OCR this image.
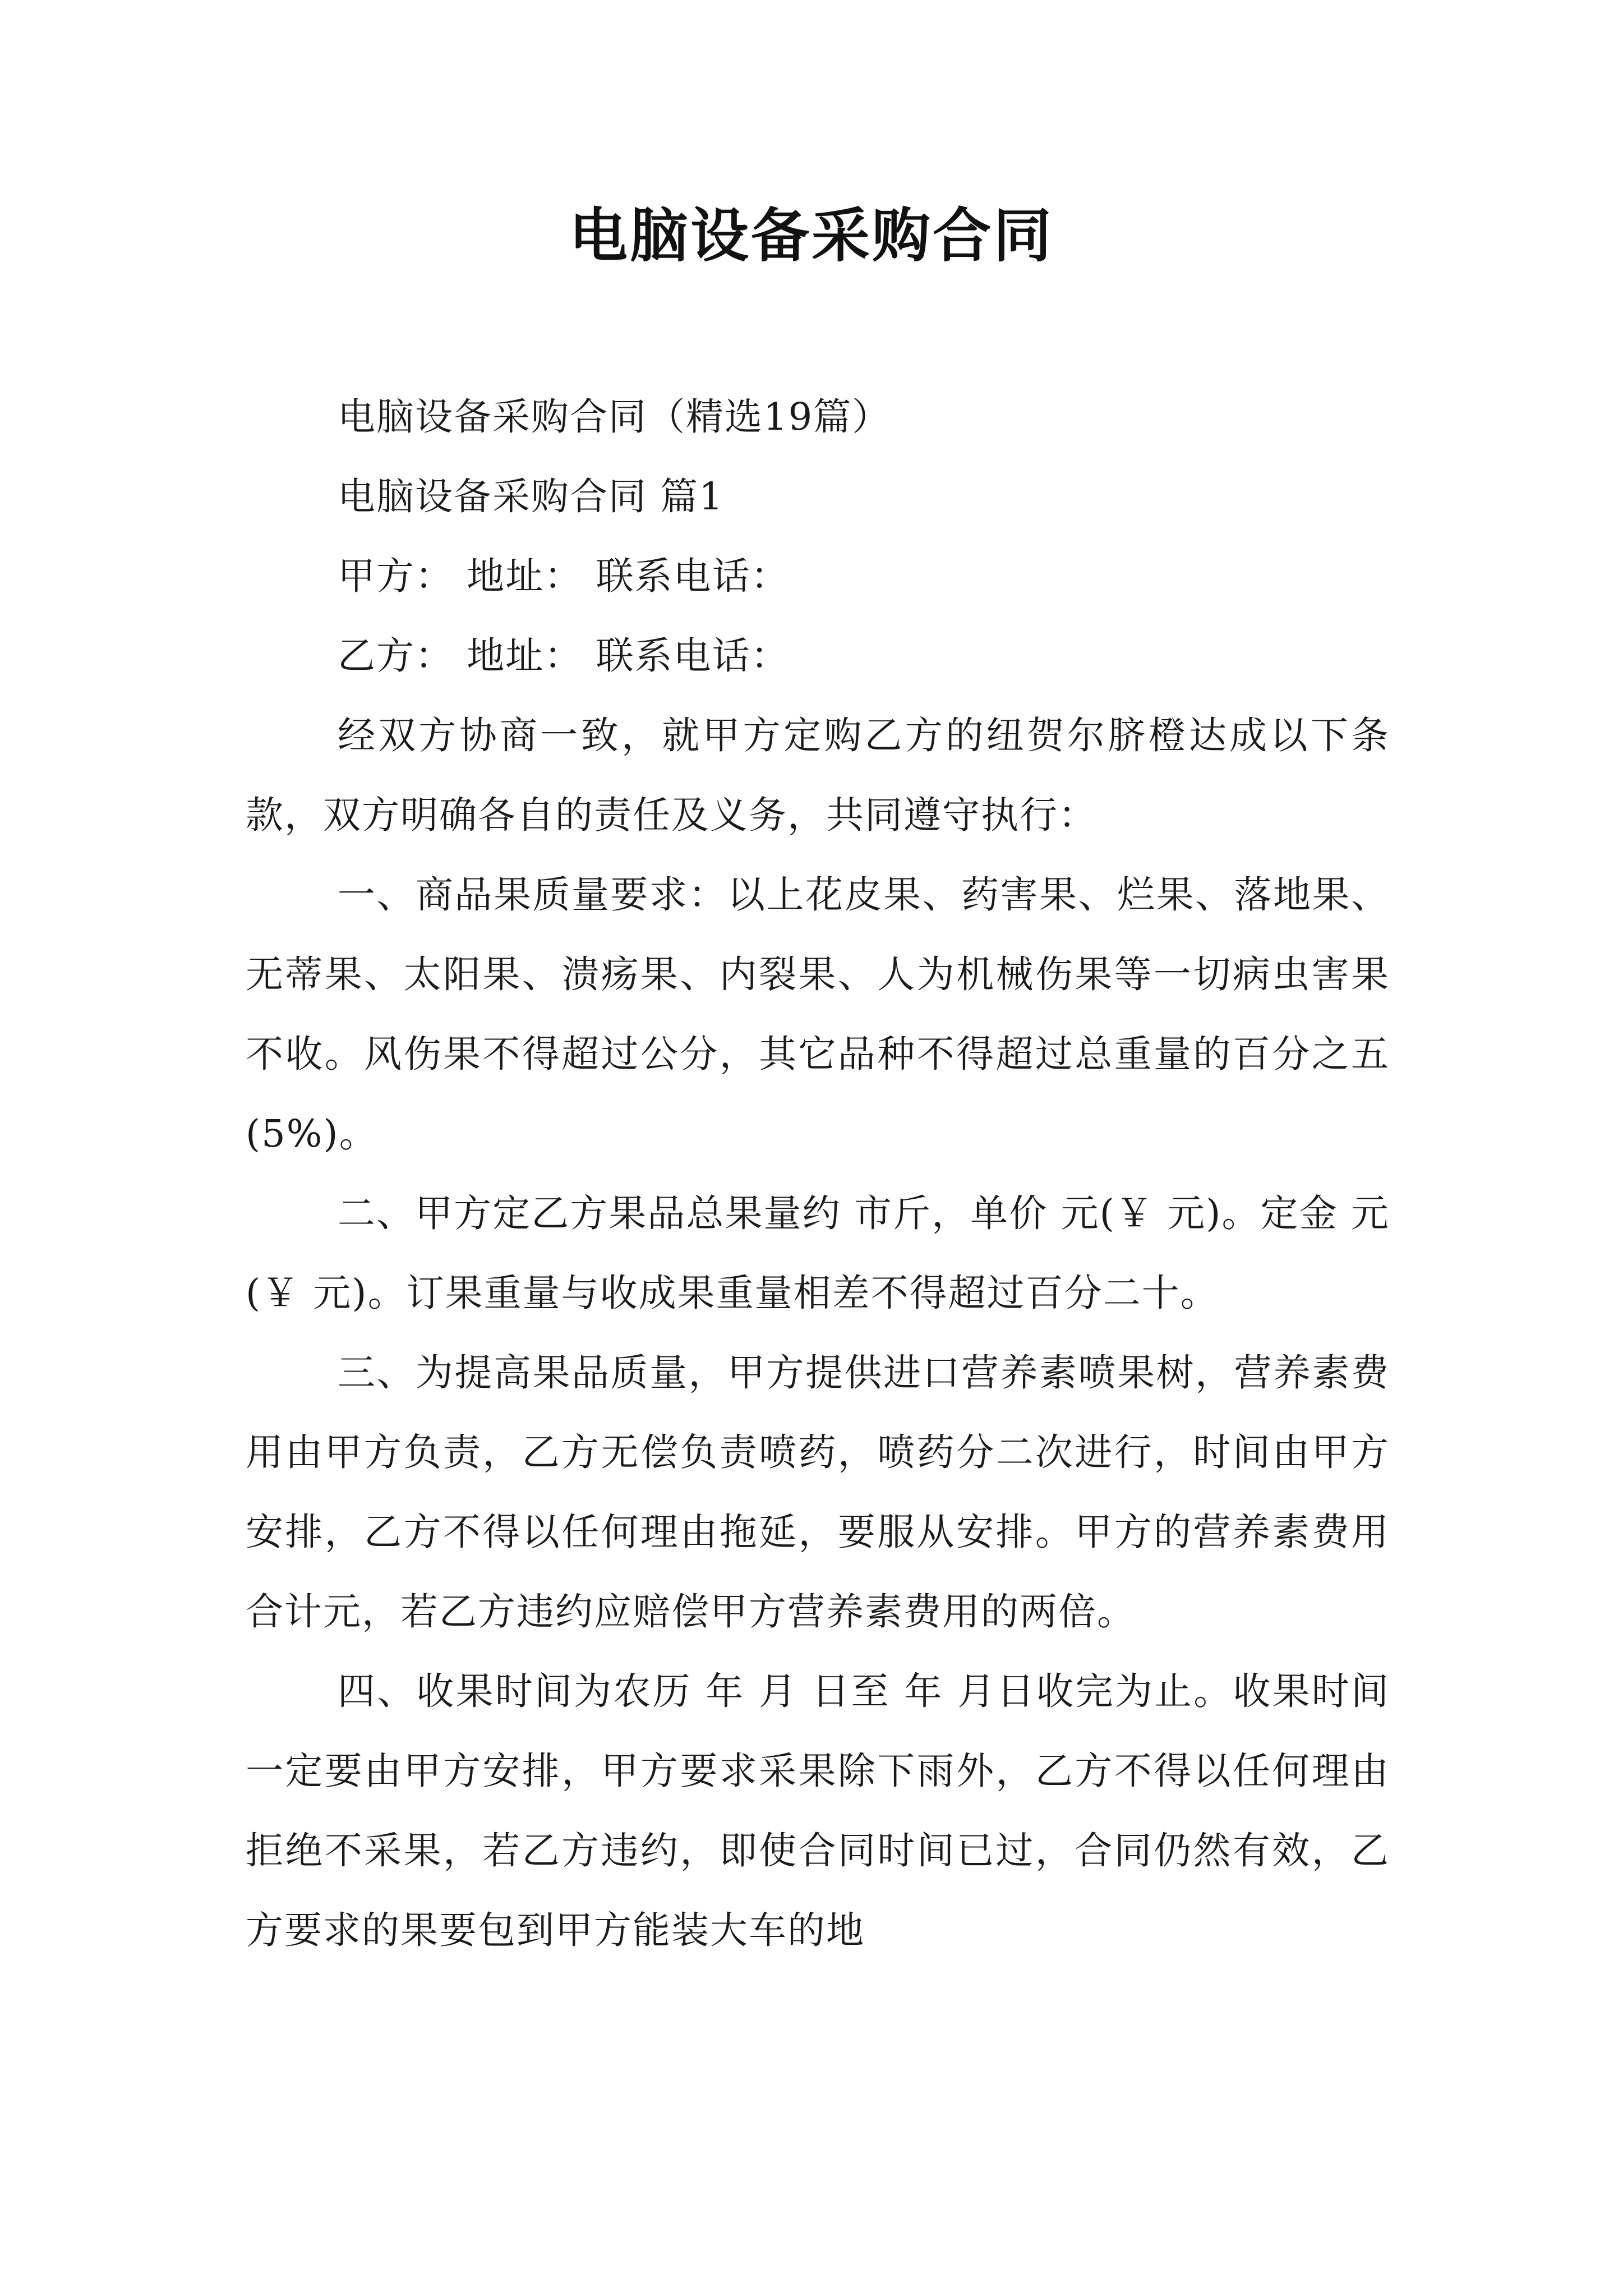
电脑设备采购合同

电脑设备采购合同（精选19篇）

电脑设备采购合同 篇1

甲方： 地址： 联系电话：

乙方： 地址： 联系电话：

经双方协商一致，就甲方定购乙方的纽贺尔脐橙达成以下条款，双方明确各自的责任及义务，共同遵守执行：

一、商品果质量要求：以上花皮果、药害果、烂果、落地果、无蒂果、太阳果、溃疡果、内裂果、人为机械伤果等一切病虫害果不收。风伤果不得超过公分，其它品种不得超过总重量的百分之五(5%)。

二、甲方定乙方果品总果量约 市斤，单价 元(￥ 元)。定金 元(￥ 元)。订果重量与收成果重量相差不得超过百分二十。

三、为提高果品质量，甲方提供进口营养素喷果树，营养素费用由甲方负责，乙方无偿负责喷药，喷药分二次进行，时间由甲方安排，乙方不得以任何理由拖延，要服从安排。甲方的营养素费用合计元，若乙方违约应赔偿甲方营养素费用的两倍。

四、收果时间为农历 年 月 日至 年 月日收完为止。收果时间一定要由甲方安排，甲方要求采果除下雨外，乙方不得以任何理由拒绝不采果，若乙方违约，即使合同时间已过，合同仍然有效，乙方要求的果要包到甲方能装大车的地
